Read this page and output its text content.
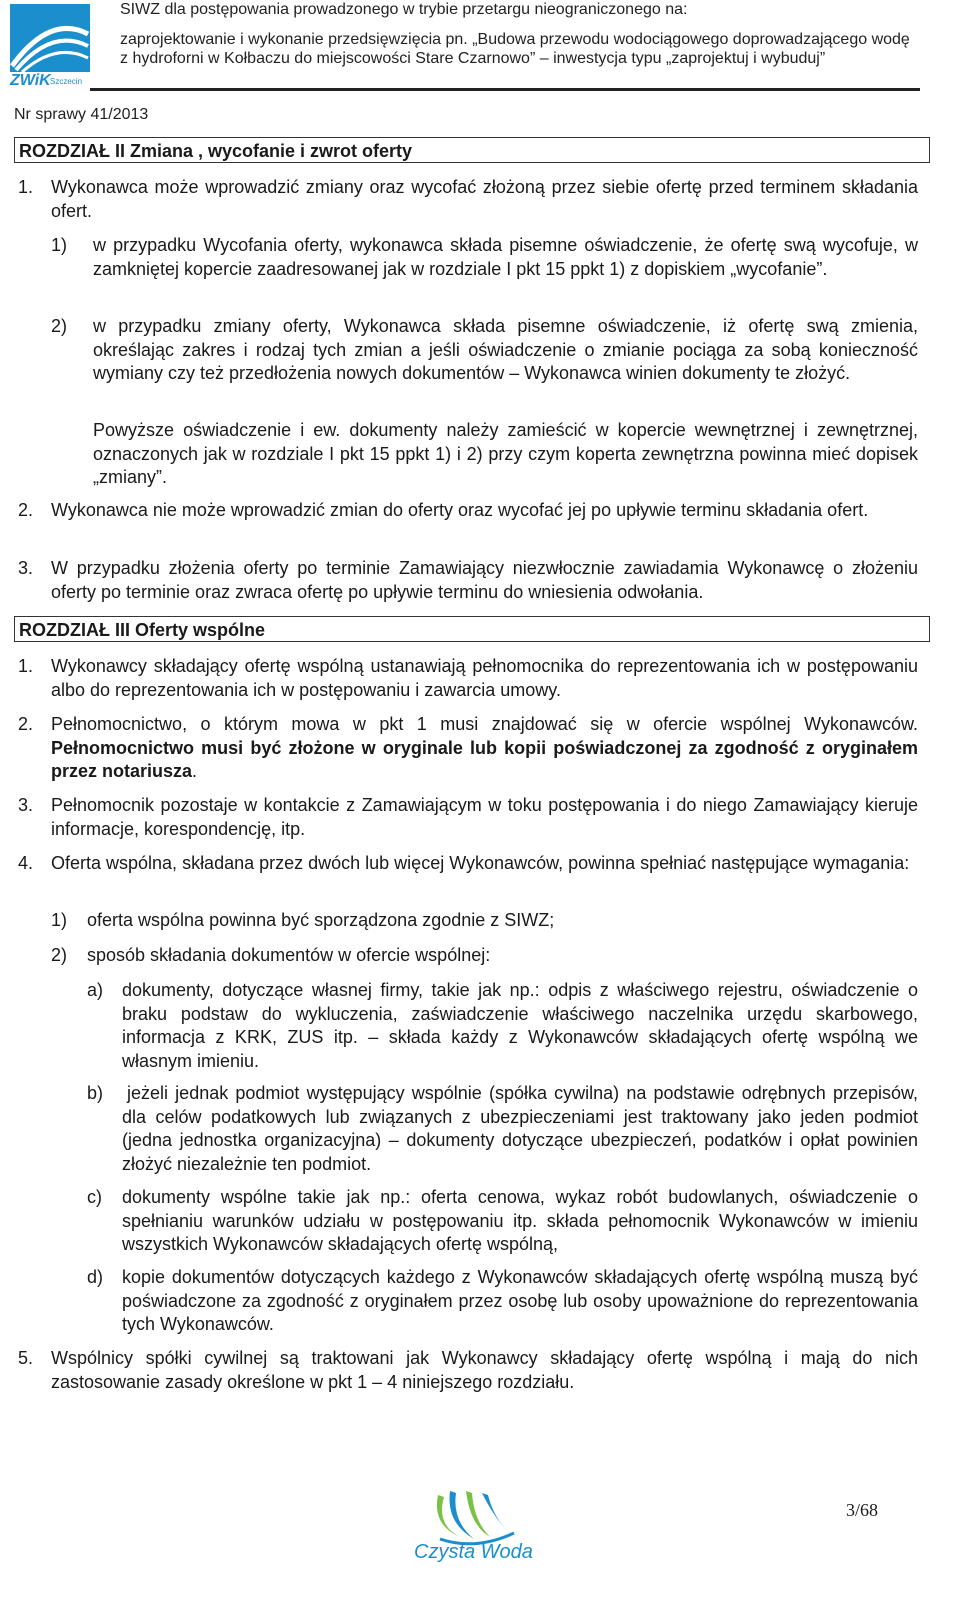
ZWiK Szczecin
SIWZ dla postępowania prowadzonego w trybie przetargu nieograniczonego na:
zaprojektowanie i wykonanie przedsięwzięcia pn. „Budowa przewodu wodociągowego doprowadzającego wodę
z hydroforni w Kołbaczu do miejscowości Stare Czarnowo” – inwestycja typu „zaprojektuj i wybuduj”
Nr sprawy 41/2013
ROZDZIAŁ II Zmiana , wycofanie i zwrot oferty
1. Wykonawca może wprowadzić zmiany oraz wycofać złożoną przez siebie ofertę przed terminem składania ofert.
1) w przypadku Wycofania oferty, wykonawca składa pisemne oświadczenie, że ofertę swą wycofuje, w zamkniętej kopercie zaadresowanej jak w rozdziale I pkt 15 ppkt 1) z dopiskiem „wycofanie”.
2) w przypadku zmiany oferty, Wykonawca składa pisemne oświadczenie, iż ofertę swą zmienia, określając zakres i rodzaj tych zmian a jeśli oświadczenie o zmianie pociąga za sobą konieczność wymiany czy też przedłożenia nowych dokumentów – Wykonawca winien dokumenty te złożyć.
Powyższe oświadczenie i ew. dokumenty należy zamieścić w kopercie wewnętrznej i zewnętrznej, oznaczonych jak w rozdziale I pkt 15 ppkt 1) i 2) przy czym koperta zewnętrzna powinna mieć dopisek „zmiany”.
2. Wykonawca nie może wprowadzić zmian do oferty oraz wycofać jej po upływie terminu składania ofert.
3. W przypadku złożenia oferty po terminie Zamawiający niezwłocznie zawiadamia Wykonawcę o złożeniu oferty po terminie oraz zwraca ofertę po upływie terminu do wniesienia odwołania.
ROZDZIAŁ III Oferty wspólne
1. Wykonawcy składający ofertę wspólną ustanawiają pełnomocnika do reprezentowania ich w postępowaniu albo do reprezentowania ich w postępowaniu i zawarcia umowy.
2. Pełnomocnictwo, o którym mowa w pkt 1 musi znajdować się w ofercie wspólnej Wykonawców. Pełnomocnictwo musi być złożone w oryginale lub kopii poświadczonej za zgodność z oryginałem przez notariusza.
3. Pełnomocnik pozostaje w kontakcie z Zamawiającym w toku postępowania i do niego Zamawiający kieruje informacje, korespondencję, itp.
4. Oferta wspólna, składana przez dwóch lub więcej Wykonawców, powinna spełniać następujące wymagania:
1) oferta wspólna powinna być sporządzona zgodnie z SIWZ;
2) sposób składania dokumentów w ofercie wspólnej:
a) dokumenty, dotyczące własnej firmy, takie jak np.: odpis z właściwego rejestru, oświadczenie o braku podstaw do wykluczenia, zaświadczenie właściwego naczelnika urzędu skarbowego, informacja z KRK, ZUS itp. – składa każdy z Wykonawców składających ofertę wspólną we własnym imieniu.
b) jeżeli jednak podmiot występujący wspólnie (spółka cywilna) na podstawie odrębnych przepisów, dla celów podatkowych lub związanych z ubezpieczeniami jest traktowany jako jeden podmiot (jedna jednostka organizacyjna) – dokumenty dotyczące ubezpieczeń, podatków i opłat powinien złożyć niezależnie ten podmiot.
c) dokumenty wspólne takie jak np.: oferta cenowa, wykaz robót budowlanych, oświadczenie o spełnianiu warunków udziału w postępowaniu itp. składa pełnomocnik Wykonawców w imieniu wszystkich Wykonawców składających ofertę wspólną,
d) kopie dokumentów dotyczących każdego z Wykonawców składających ofertę wspólną muszą być poświadczone za zgodność z oryginałem przez osobę lub osoby upoważnione do reprezentowania tych Wykonawców.
5. Wspólnicy spółki cywilnej są traktowani jak Wykonawcy składający ofertę wspólną i mają do nich zastosowanie zasady określone w pkt 1 – 4 niniejszego rozdziału.
Czysta Woda
3/68
